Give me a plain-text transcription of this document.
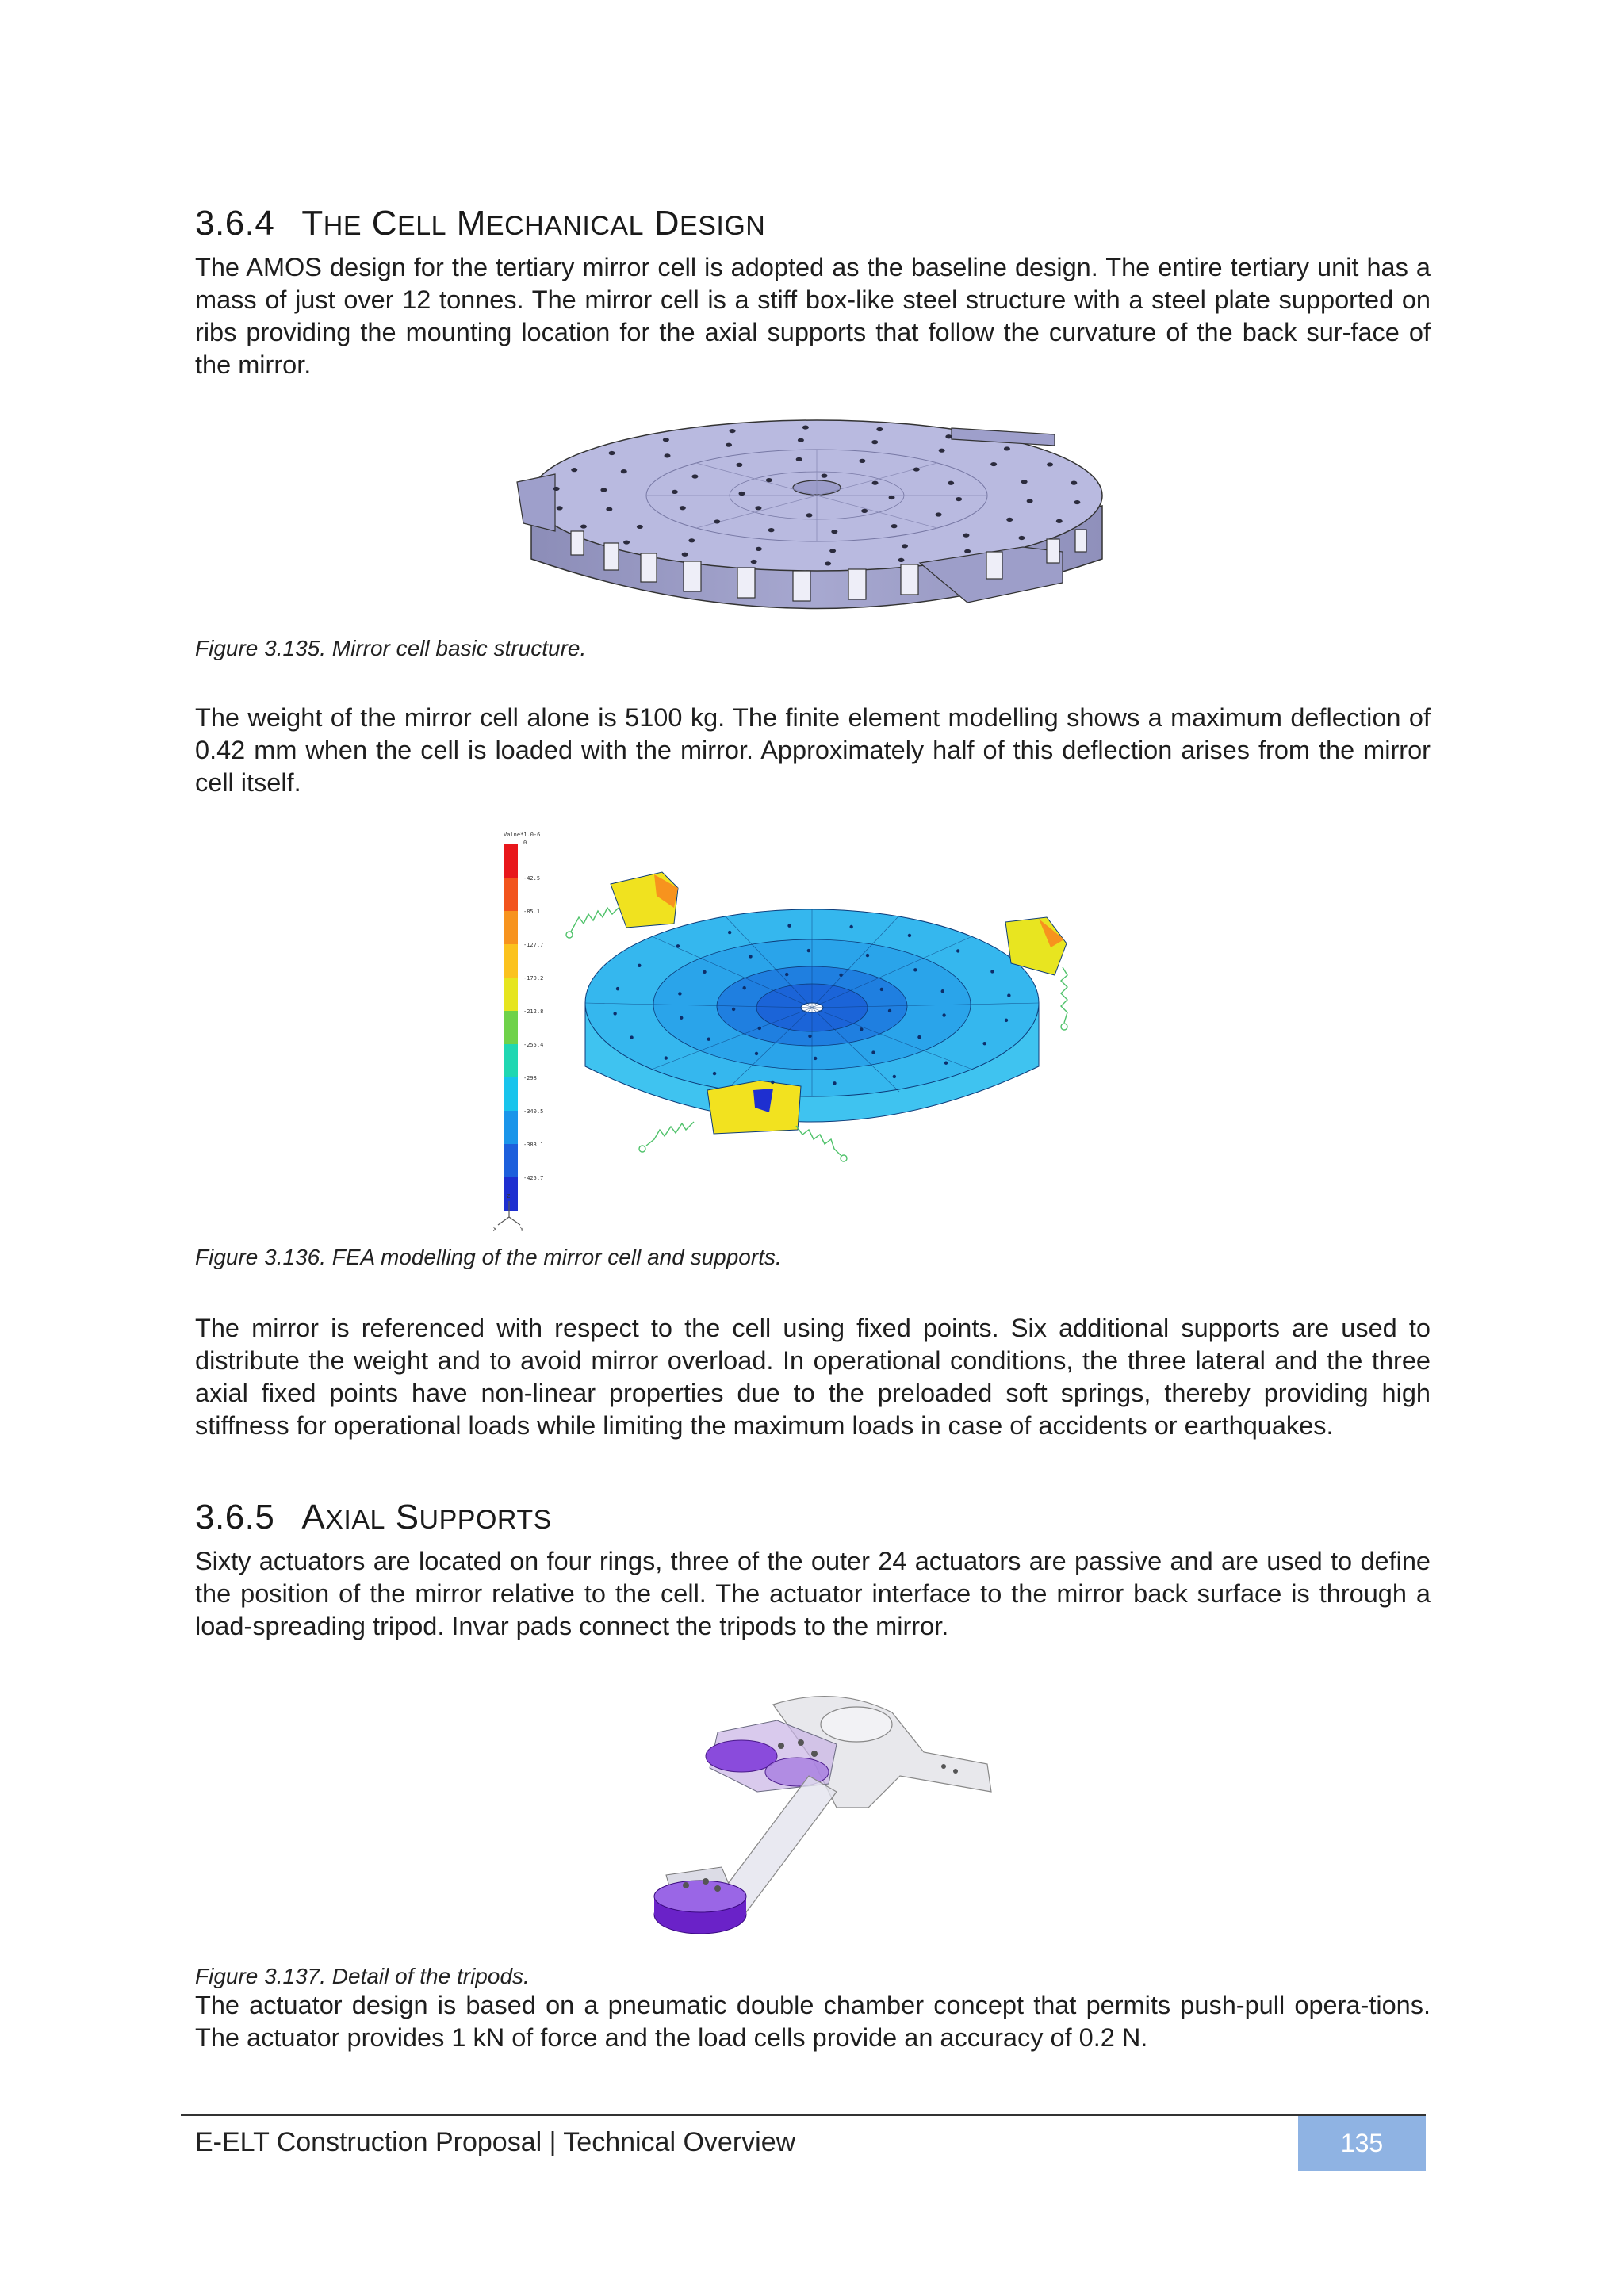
3.6.4 THE CELL MECHANICAL DESIGN

The AMOS design for the tertiary mirror cell is adopted as the baseline design. The entire tertiary unit has a mass of just over 12 tonnes. The mirror cell is a stiff box-like steel structure with a steel plate supported on ribs providing the mounting location for the axial supports that follow the curvature of the back sur-face of the mirror.

Figure 3.135. Mirror cell basic structure.

The weight of the mirror cell alone is 5100 kg. The finite element modelling shows a maximum deflection of 0.42 mm when the cell is loaded with the mirror. Approximately half of this deflection arises from the mirror cell itself.

Valne*1.0-6
0
-42.5
-85.1
-127.7
-170.2
-212.8
-255.4
-298
-340.5
-383.1
-425.7
Z
X	Y

Figure 3.136. FEA modelling of the mirror cell and supports.

The mirror is referenced with respect to the cell using fixed points. Six additional supports are used to distribute the weight and to avoid mirror overload. In operational conditions, the three lateral and the three axial fixed points have non-linear properties due to the preloaded soft springs, thereby providing high stiffness for operational loads while limiting the maximum loads in case of accidents or earthquakes.

3.6.5 AXIAL SUPPORTS

Sixty actuators are located on four rings, three of the outer 24 actuators are passive and are used to define the position of the mirror relative to the cell. The actuator interface to the mirror back surface is through a load-spreading tripod. Invar pads connect the tripods to the mirror.

Figure 3.137. Detail of the tripods.

The actuator design is based on a pneumatic double chamber concept that permits push-pull opera-tions. The actuator provides 1 kN of force and the load cells provide an accuracy of 0.2 N.

E-ELT Construction Proposal | Technical Overview	135
